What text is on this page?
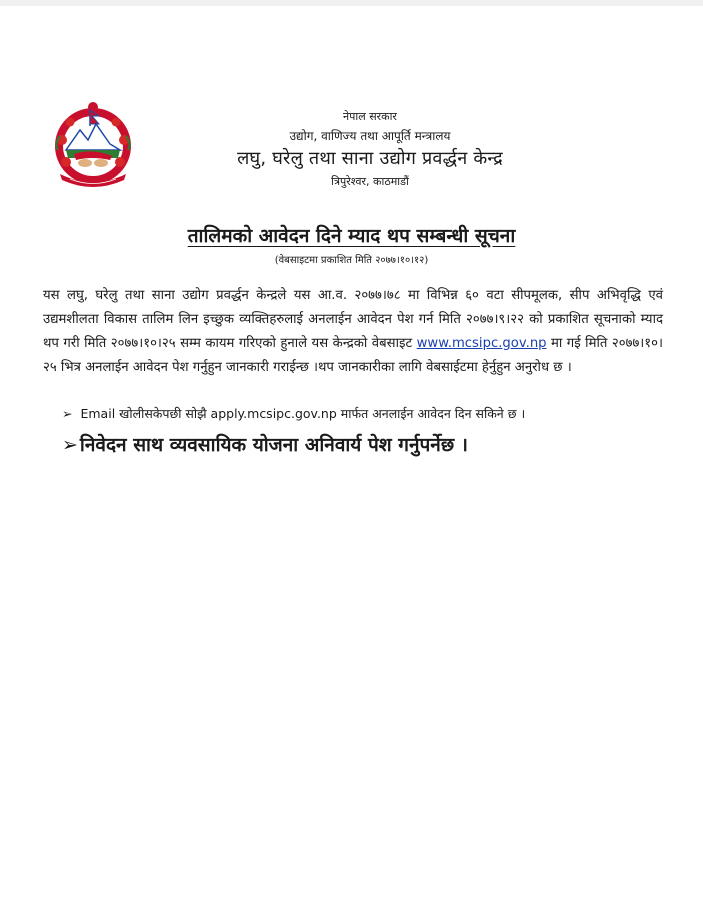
नेपाल सरकार
उद्योग, वाणिज्य तथा आपूर्ति मन्त्रालय
लघु, घरेलु तथा साना उद्योग प्रवर्द्धन केन्द्र
त्रिपुरेश्वर, काठमाडौं
तालिमको आवेदन दिने म्याद थप सम्बन्धी सूचना
(वेबसाइटमा प्रकाशित मिति २०७७।१०।१२)
यस लघु, घरेलु तथा साना उद्योग प्रवर्द्धन केन्द्रले यस आ.व. २०७७।७८ मा विभिन्न ६० वटा सीपमूलक, सीप अभिवृद्धि एवं उद्यमशीलता विकास तालिम लिन इच्छुक व्यक्तिहरुलाई अनलाईन आवेदन पेश गर्न मिति २०७७।९।२२ को प्रकाशित सूचनाको म्याद थप गरी मिति २०७७।१०।२५ सम्म कायम गरिएको हुनाले यस केन्द्रको वेबसाइट www.mcsipc.gov.np मा गई मिति २०७७।१०।२५ भित्र अनलाईन आवेदन पेश गर्नुहुन जानकारी गराईन्छ ।थप जानकारीका लागि वेबसाईटमा हेर्नुहुन अनुरोध छ ।
➢ Email खोलीसकेपछी सोझै apply.mcsipc.gov.np मार्फत अनलाईन आवेदन दिन सकिने छ ।
➢ निवेदन साथ व्यवसायिक योजना अनिवार्य पेश गर्नुपर्नेछ ।
